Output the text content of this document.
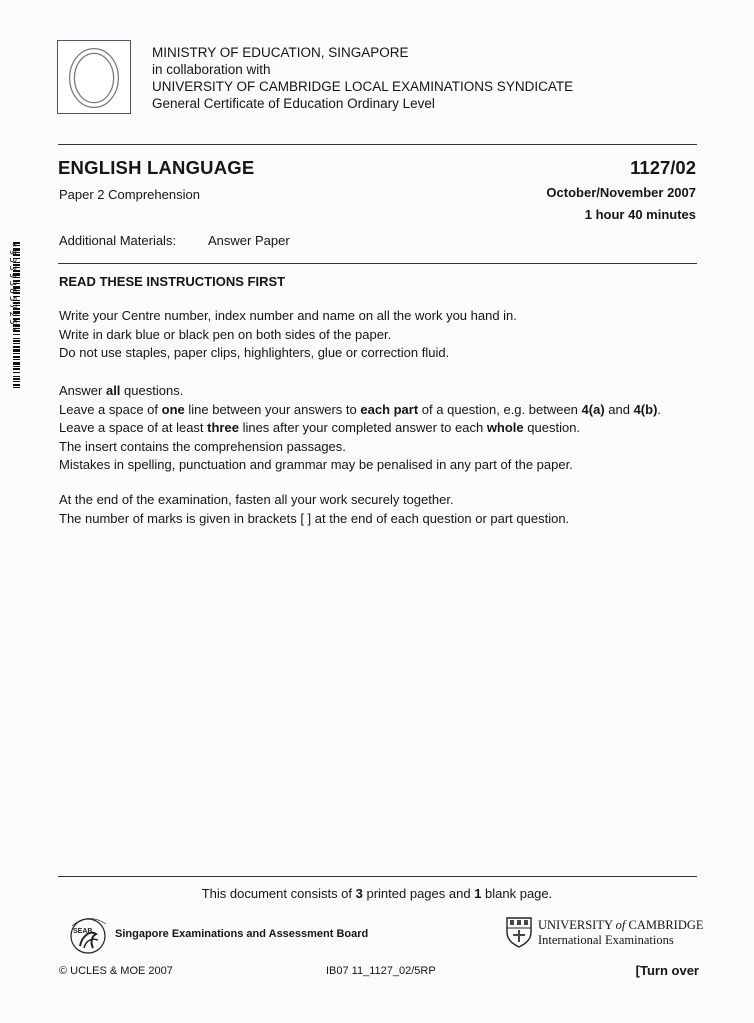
MINISTRY OF EDUCATION, SINGAPORE
in collaboration with
UNIVERSITY OF CAMBRIDGE LOCAL EXAMINATIONS SYNDICATE
General Certificate of Education Ordinary Level
ENGLISH LANGUAGE	1127/02
Paper 2 Comprehension	October/November 2007
1 hour 40 minutes
Additional Materials: Answer Paper
*9339385725*	READ THESE INSTRUCTIONS FIRST
Write your Centre number, index number and name on all the work you hand in.
Write in dark blue or black pen on both sides of the paper.
Do not use staples, paper clips, highlighters, glue or correction fluid.
Answer all questions.
Leave a space of one line between your answers to each part of a question, e.g. between 4(a) and 4(b).
Leave a space of at least three lines after your completed answer to each whole question.
The insert contains the comprehension passages.
Mistakes in spelling, punctuation and grammar may be penalised in any part of the paper.
At the end of the examination, fasten all your work securely together.
The number of marks is given in brackets [ ] at the end of each question or part question.
This document consists of 3 printed pages and 1 blank page.
SEAB Singapore Examinations and Assessment Board
UNIVERSITY of CAMBRIDGE
International Examinations
© UCLES & MOE 2007	IB07 11_1127_02/5RP	[Turn over
